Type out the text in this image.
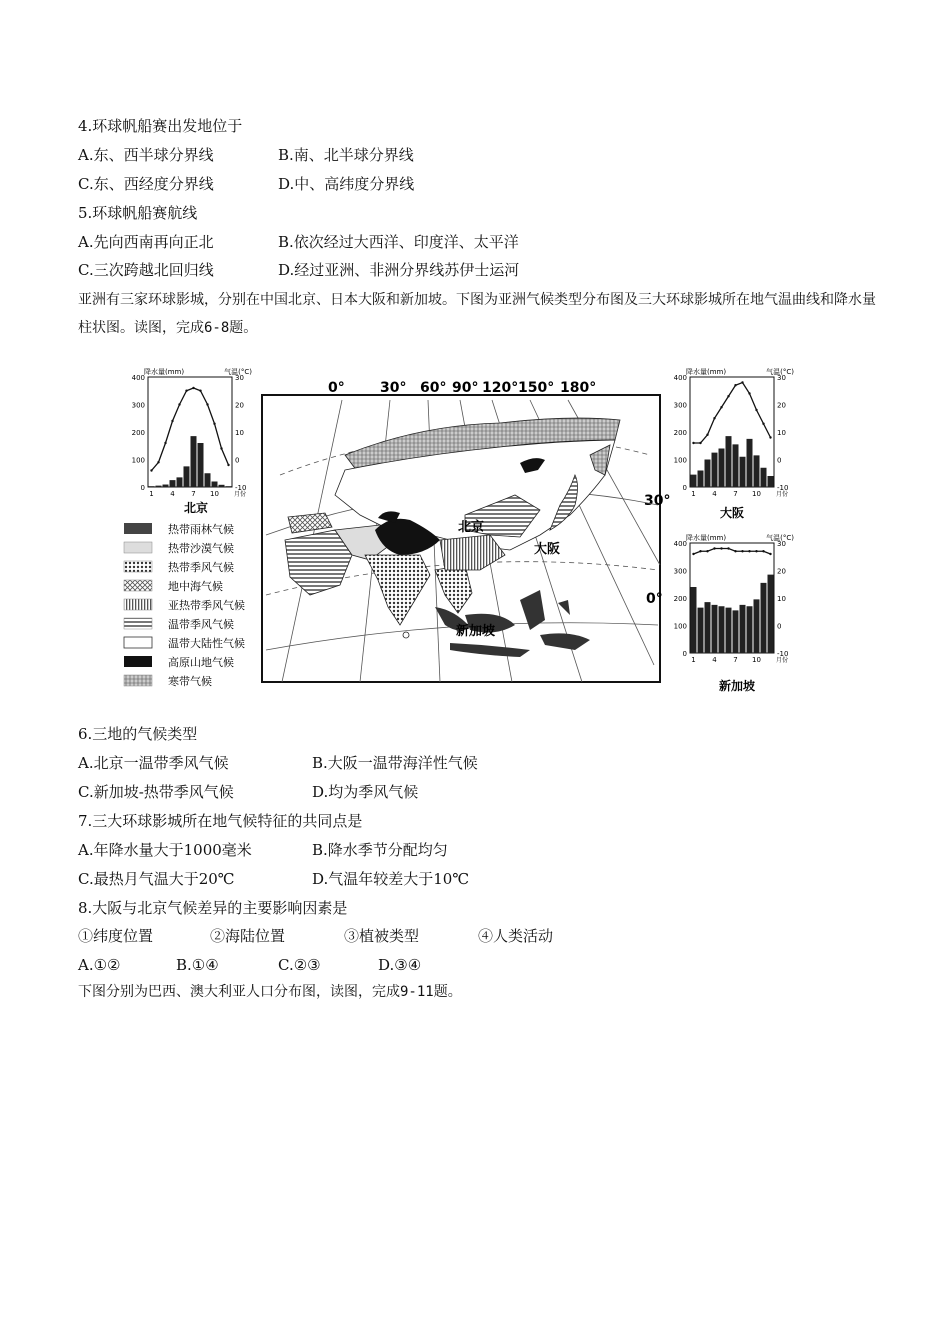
4.环球帆船赛出发地位于
A.东、西半球分界线	B.南、北半球分界线
C.东、西经度分界线	D.中、高纬度分界线
5.环球帆船赛航线
A.先向西南再向正北	B.依次经过大西洋、印度洋、太平洋
C.三次跨越北回归线	D.经过亚洲、非洲分界线苏伊士运河
亚洲有三家环球影城，分别在中国北京、日本大阪和新加坡。下图为亚洲气候类型分布图及三大环球影城所在地气温曲线和降水量柱状图。读图，完成6-8题。
降水量(mm)	气温(°C)
0
100
200
300
400
-10
0
10
20
30
1 4 7 10	月份
北京
热带雨林气候
热带沙漠气候
热带季风气候
地中海气候
亚热带季风气候
温带季风气候
温带大陆性气候
高原山地气候
寒带气候
0°	30° 60° 90° 120° 150° 180°
30°
0°
北京
大阪
新加坡
降水量(mm)	气温(°C)
0
100
200
300
400
-10
0
10
20
30
1 4 7 10	月份
大阪
降水量(mm)	气温(°C)
0
100
200
300
400
-10
0
10
20
30
1 4 7 10	月份
新加坡
6.三地的气候类型
A.北京一温带季风气候	B.大阪一温带海洋性气候
C.新加坡-热带季风气候	D.均为季风气候
7.三大环球影城所在地气候特征的共同点是
A.年降水量大于1000毫米	B.降水季节分配均匀
C.最热月气温大于20℃	D.气温年较差大于10℃
8.大阪与北京气候差异的主要影响因素是
①纬度位置	②海陆位置	③植被类型	④人类活动
A.①②	B.①④	C.②③	D.③④
下图分别为巴西、澳大利亚人口分布图，读图，完成9-11题。
